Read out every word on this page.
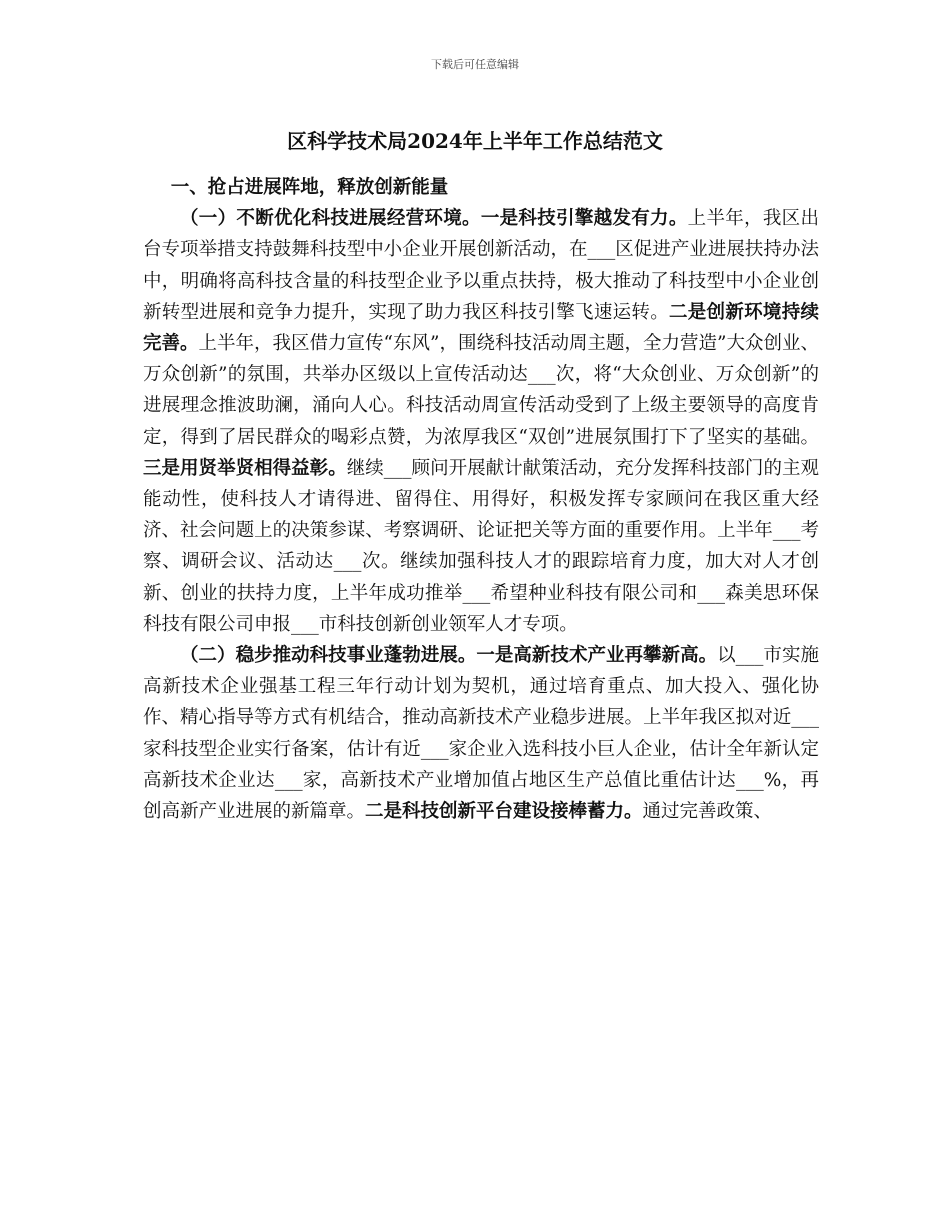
下载后可任意编辑
区科学技术局2024年上半年工作总结范文

一、抢占进展阵地，释放创新能量

（一）不断优化科技进展经营环境。一是科技引擎越发有力。上半年，我区出台专项举措支持鼓舞科技型中小企业开展创新活动，在___区促进产业进展扶持办法中，明确将高科技含量的科技型企业予以重点扶持，极大推动了科技型中小企业创新转型进展和竞争力提升，实现了助力我区科技引擎飞速运转。二是创新环境持续完善。上半年，我区借力宣传“东风”，围绕科技活动周主题，全力营造”大众创业、万众创新”的氛围，共举办区级以上宣传活动达___次，将“大众创业、万众创新”的进展理念推波助澜，涌向人心。科技活动周宣传活动受到了上级主要领导的高度肯定，得到了居民群众的喝彩点赞，为浓厚我区“双创”进展氛围打下了坚实的基础。三是用贤举贤相得益彰。继续___顾问开展献计献策活动，充分发挥科技部门的主观能动性，使科技人才请得进、留得住、用得好，积极发挥专家顾问在我区重大经济、社会问题上的决策参谋、考察调研、论证把关等方面的重要作用。上半年___考察、调研会议、活动达___次。继续加强科技人才的跟踪培育力度，加大对人才创新、创业的扶持力度，上半年成功推举___希望种业科技有限公司和___森美思环保科技有限公司申报___市科技创新创业领军人才专项。

（二）稳步推动科技事业蓬勃进展。一是高新技术产业再攀新高。以___市实施高新技术企业强基工程三年行动计划为契机，通过培育重点、加大投入、强化协作、精心指导等方式有机结合，推动高新技术产业稳步进展。上半年我区拟对近___家科技型企业实行备案，估计有近___家企业入选科技小巨人企业，估计全年新认定高新技术企业达___家，高新技术产业增加值占地区生产总值比重估计达___%，再创高新产业进展的新篇章。二是科技创新平台建设接棒蓄力。通过完善政策、
